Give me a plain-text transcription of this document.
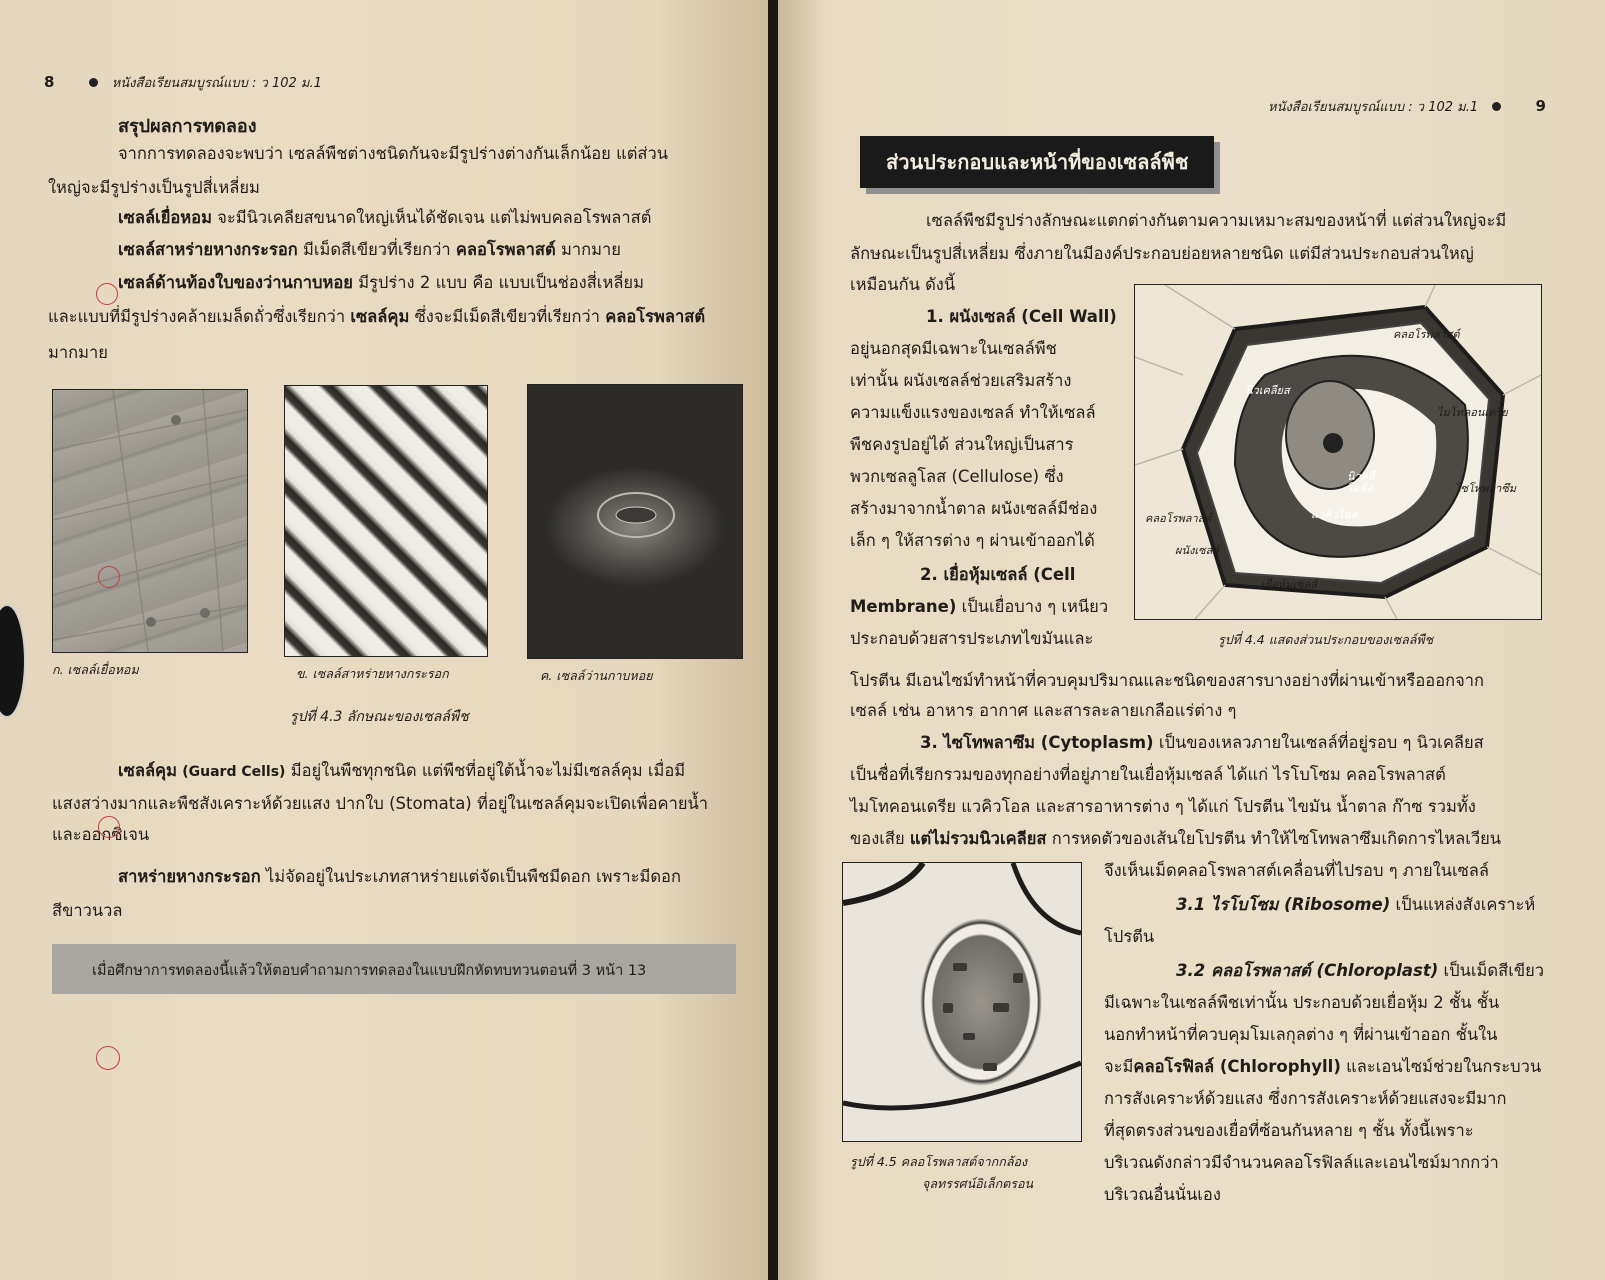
8	หนังสือเรียนสมบูรณ์แบบ : ว 102 ม.1
สรุปผลการทดลอง
จากการทดลองจะพบว่า เซลล์พืชต่างชนิดกันจะมีรูปร่างต่างกันเล็กน้อย แต่ส่วน
ใหญ่จะมีรูปร่างเป็นรูปสี่เหลี่ยม
เซลล์เยื่อหอม จะมีนิวเคลียสขนาดใหญ่เห็นได้ชัดเจน แต่ไม่พบคลอโรพลาสต์
เซลล์สาหร่ายหางกระรอก มีเม็ดสีเขียวที่เรียกว่า คลอโรพลาสต์ มากมาย
เซลล์ด้านท้องใบของว่านกาบหอย มีรูปร่าง 2 แบบ คือ แบบเป็นช่องสี่เหลี่ยม
และแบบที่มีรูปร่างคล้ายเมล็ดถั่วซึ่งเรียกว่า เซลล์คุม ซึ่งจะมีเม็ดสีเขียวที่เรียกว่า คลอโรพลาสต์
มากมาย
ก. เซลล์เยื่อหอม	ข. เซลล์สาหร่ายหางกระรอก	ค. เซลล์ว่านกาบหอย
รูปที่ 4.3 ลักษณะของเซลล์พืช
เซลล์คุม (Guard Cells) มีอยู่ในพืชทุกชนิด แต่พืชที่อยู่ใต้น้ำจะไม่มีเซลล์คุม เมื่อมี
แสงสว่างมากและพืชสังเคราะห์ด้วยแสง ปากใบ (Stomata) ที่อยู่ในเซลล์คุมจะเปิดเพื่อคายน้ำ
และออกซิเจน
สาหร่ายหางกระรอก ไม่จัดอยู่ในประเภทสาหร่ายแต่จัดเป็นพืชมีดอก เพราะมีดอก
สีขาวนวล
เมื่อศึกษาการทดลองนี้แล้วให้ตอบคำถามการทดลองในแบบฝึกหัดทบทวนตอนที่ 3 หน้า 13
หนังสือเรียนสมบูรณ์แบบ : ว 102 ม.1	9
ส่วนประกอบและหน้าที่ของเซลล์พืช
เซลล์พืชมีรูปร่างลักษณะแตกต่างกันตามความเหมาะสมของหน้าที่ แต่ส่วนใหญ่จะมี
ลักษณะเป็นรูปสี่เหลี่ยม ซึ่งภายในมีองค์ประกอบย่อยหลายชนิด แต่มีส่วนประกอบส่วนใหญ่
เหมือนกัน ดังนี้
1. ผนังเซลล์ (Cell Wall)
อยู่นอกสุดมีเฉพาะในเซลล์พืช
เท่านั้น ผนังเซลล์ช่วยเสริมสร้าง
ความแข็งแรงของเซลล์ ทำให้เซลล์
พืชคงรูปอยู่ได้ ส่วนใหญ่เป็นสาร
พวกเซลลูโลส (Cellulose) ซึ่ง
สร้างมาจากน้ำตาล ผนังเซลล์มีช่อง
เล็ก ๆ ให้สารต่าง ๆ ผ่านเข้าออกได้
2. เยื่อหุ้มเซลล์ (Cell
Membrane) เป็นเยื่อบาง ๆ เหนียว
ประกอบด้วยสารประเภทไขมันและ
โปรตีน มีเอนไซม์ทำหน้าที่ควบคุมปริมาณและชนิดของสารบางอย่างที่ผ่านเข้าหรือออกจาก
เซลล์ เช่น อาหาร อากาศ และสารละลายเกลือแร่ต่าง ๆ
คลอโรพลาสต์
นิวเคลียส
ไมโทคอนเดรีย
นิวคลี
โอลัส	ไซโทพลาซึม
คลอโรพลาสต์	แวคิวโอล
ผนังเซลล์
เยื่อหุ้มเซลล์
รูปที่ 4.4 แสดงส่วนประกอบของเซลล์พืช
3. ไซโทพลาซึม (Cytoplasm) เป็นของเหลวภายในเซลล์ที่อยู่รอบ ๆ นิวเคลียส
เป็นชื่อที่เรียกรวมของทุกอย่างที่อยู่ภายในเยื่อหุ้มเซลล์ ได้แก่ ไรโบโซม คลอโรพลาสต์
ไมโทคอนเดรีย แวคิวโอล และสารอาหารต่าง ๆ ได้แก่ โปรตีน ไขมัน น้ำตาล ก๊าซ รวมทั้ง
ของเสีย แต่ไม่รวมนิวเคลียส การหดตัวของเส้นใยโปรตีน ทำให้ไซโทพลาซึมเกิดการไหลเวียน
จึงเห็นเม็ดคลอโรพลาสต์เคลื่อนที่ไปรอบ ๆ ภายในเซลล์
รูปที่ 4.5 คลอโรพลาสต์จากกล้อง
จุลทรรศน์อิเล็กตรอน
3.1 ไรโบโซม (Ribosome) เป็นแหล่งสังเคราะห์
โปรตีน
3.2 คลอโรพลาสต์ (Chloroplast) เป็นเม็ดสีเขียว
มีเฉพาะในเซลล์พืชเท่านั้น ประกอบด้วยเยื่อหุ้ม 2 ชั้น ชั้น
นอกทำหน้าที่ควบคุมโมเลกุลต่าง ๆ ที่ผ่านเข้าออก ชั้นใน
จะมีคลอโรฟิลล์ (Chlorophyll) และเอนไซม์ช่วยในกระบวน
การสังเคราะห์ด้วยแสง ซึ่งการสังเคราะห์ด้วยแสงจะมีมาก
ที่สุดตรงส่วนของเยื่อที่ซ้อนกันหลาย ๆ ชั้น ทั้งนี้เพราะ
บริเวณดังกล่าวมีจำนวนคลอโรฟิลล์และเอนไซม์มากกว่า
บริเวณอื่นนั่นเอง
